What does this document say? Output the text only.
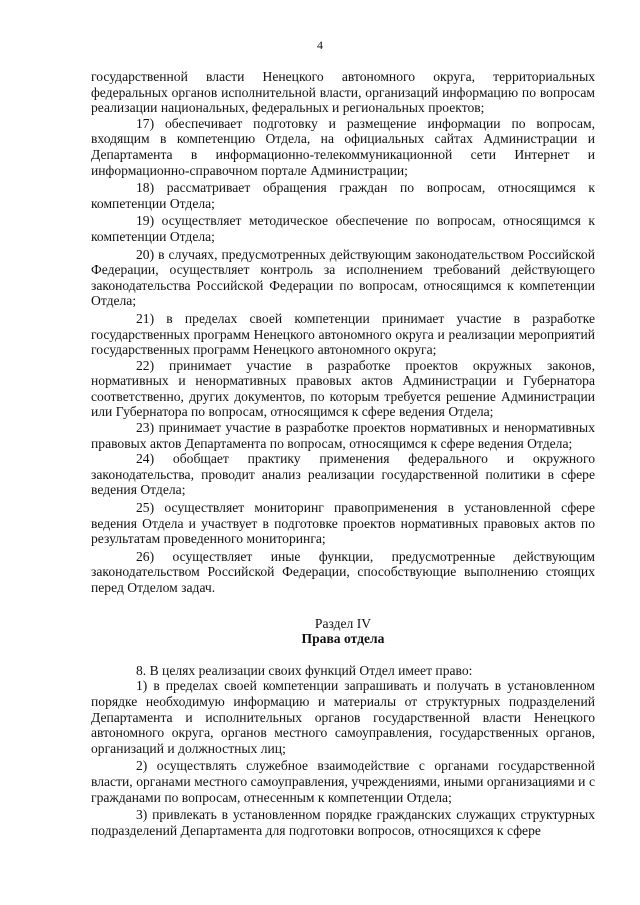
4

государственной власти Ненецкого автономного округа, территориальных федеральных органов исполнительной власти, организаций информацию по вопросам реализации национальных, федеральных и региональных проектов;

17) обеспечивает подготовку и размещение информации по вопросам, входящим в компетенцию Отдела, на официальных сайтах Администрации и Департамента в информационно-телекоммуникационной сети Интернет и информационно-справочном портале Администрации;

18) рассматривает обращения граждан по вопросам, относящимся к компетенции Отдела;

19) осуществляет методическое обеспечение по вопросам, относящимся к компетенции Отдела;

20) в случаях, предусмотренных действующим законодательством Российской Федерации, осуществляет контроль за исполнением требований действующего законодательства Российской Федерации по вопросам, относящимся к компетенции Отдела;

21) в пределах своей компетенции принимает участие в разработке государственных программ Ненецкого автономного округа и реализации мероприятий государственных программ Ненецкого автономного округа;

22) принимает участие в разработке проектов окружных законов, нормативных и ненормативных правовых актов Администрации и Губернатора соответственно, других документов, по которым требуется решение Администрации или Губернатора по вопросам, относящимся к сфере ведения Отдела;

23) принимает участие в разработке проектов нормативных и ненормативных правовых актов Департамента по вопросам, относящимся к сфере ведения Отдела;

24) обобщает практику применения федерального и окружного законодательства, проводит анализ реализации государственной политики в сфере ведения Отдела;

25) осуществляет мониторинг правоприменения в установленной сфере ведения Отдела и участвует в подготовке проектов нормативных правовых актов по результатам проведенного мониторинга;

26) осуществляет иные функции, предусмотренные действующим законодательством Российской Федерации, способствующие выполнению стоящих перед Отделом задач.

Раздел IV
Права отдела

8. В целях реализации своих функций Отдел имеет право:

1) в пределах своей компетенции запрашивать и получать в установленном порядке необходимую информацию и материалы от структурных подразделений Департамента и исполнительных органов государственной власти Ненецкого автономного округа, органов местного самоуправления, государственных органов, организаций и должностных лиц;

2) осуществлять служебное взаимодействие с органами государственной власти, органами местного самоуправления, учреждениями, иными организациями и с гражданами по вопросам, отнесенным к компетенции Отдела;

3) привлекать в установленном порядке гражданских служащих структурных подразделений Департамента для подготовки вопросов, относящихся к сфере
